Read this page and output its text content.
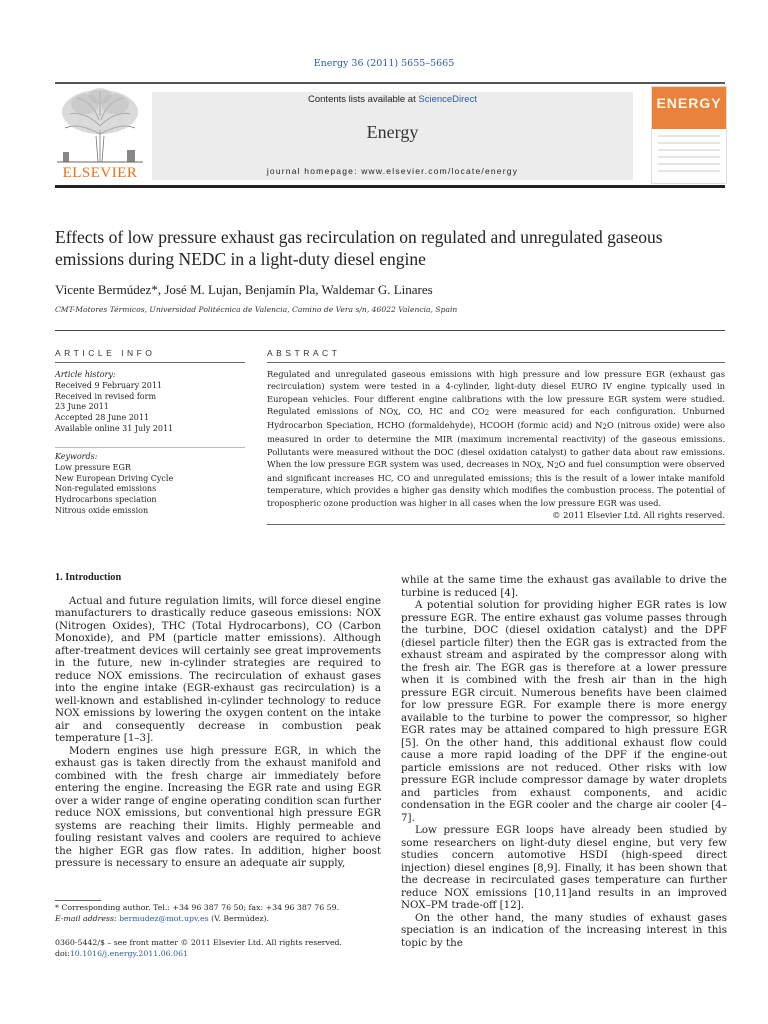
Energy 36 (2011) 5655–5665
ELSEVIER
Contents lists available at ScienceDirect
Energy
journal homepage: www.elsevier.com/locate/energy
ENERGY
Effects of low pressure exhaust gas recirculation on regulated and unregulated gaseous emissions during NEDC in a light-duty diesel engine
Vicente Bermúdez*, José M. Lujan, Benjamín Pla, Waldemar G. Linares
CMT-Motores Térmicos, Universidad Politécnica de Valencia, Camino de Vera s/n, 46022 Valencia, Spain
ARTICLE INFO
Article history:
Received 9 February 2011
Received in revised form
23 June 2011
Accepted 28 June 2011
Available online 31 July 2011
Keywords:
Low pressure EGR
New European Driving Cycle
Non-regulated emissions
Hydrocarbons speciation
Nitrous oxide emission
ABSTRACT
Regulated and unregulated gaseous emissions with high pressure and low pressure EGR (exhaust gas recirculation) system were tested in a 4-cylinder, light-duty diesel EURO IV engine typically used in European vehicles. Four different engine calibrations with the low pressure EGR system were studied. Regulated emissions of NOX, CO, HC and CO2 were measured for each configuration. Unburned Hydrocarbon Speciation, HCHO (formaldehyde), HCOOH (formic acid) and N2O (nitrous oxide) were also measured in order to determine the MIR (maximum incremental reactivity) of the gaseous emissions. Pollutants were measured without the DOC (diesel oxidation catalyst) to gather data about raw emissions. When the low pressure EGR system was used, decreases in NOX, N2O and fuel consumption were observed and significant increases HC, CO and unregulated emissions; this is the result of a lower intake manifold temperature, which provides a higher gas density which modifies the combustion process. The potential of tropospheric ozone production was higher in all cases when the low pressure EGR was used.
© 2011 Elsevier Ltd. All rights reserved.
1. Introduction

Actual and future regulation limits, will force diesel engine manufacturers to drastically reduce gaseous emissions: NOX (Nitrogen Oxides), THC (Total Hydrocarbons), CO (Carbon Monoxide), and PM (particle matter emissions). Although after-treatment devices will certainly see great improvements in the future, new in-cylinder strategies are required to reduce NOX emissions. The recirculation of exhaust gases into the engine intake (EGR-exhaust gas recirculation) is a well-known and established in-cylinder technology to reduce NOX emissions by lowering the oxygen content on the intake air and consequently decrease in combustion peak temperature [1–3].

Modern engines use high pressure EGR, in which the exhaust gas is taken directly from the exhaust manifold and combined with the fresh charge air immediately before entering the engine. Increasing the EGR rate and using EGR over a wider range of engine operating condition scan further reduce NOX emissions, but conventional high pressure EGR systems are reaching their limits. Highly permeable and fouling resistant valves and coolers are required to achieve the higher EGR gas flow rates. In addition, higher boost pressure is necessary to ensure an adequate air supply,

while at the same time the exhaust gas available to drive the turbine is reduced [4].

A potential solution for providing higher EGR rates is low pressure EGR. The entire exhaust gas volume passes through the turbine, DOC (diesel oxidation catalyst) and the DPF (diesel particle filter) then the EGR gas is extracted from the exhaust stream and aspirated by the compressor along with the fresh air. The EGR gas is therefore at a lower pressure when it is combined with the fresh air than in the high pressure EGR circuit. Numerous benefits have been claimed for low pressure EGR. For example there is more energy available to the turbine to power the compressor, so higher EGR rates may be attained compared to high pressure EGR [5]. On the other hand, this additional exhaust flow could cause a more rapid loading of the DPF if the engine-out particle emissions are not reduced. Other risks with low pressure EGR include compressor damage by water droplets and particles from exhaust components, and acidic condensation in the EGR cooler and the charge air cooler [4–7].

Low pressure EGR loops have already been studied by some researchers on light-duty diesel engine, but very few studies concern automotive HSDI (high-speed direct injection) diesel engines [8,9]. Finally, it has been shown that the decrease in recirculated gases temperature can further reduce NOX emissions [10,11]and results in an improved NOX–PM trade-off [12].

On the other hand, the many studies of exhaust gases speciation is an indication of the increasing interest in this topic by the

* Corresponding author. Tel.: +34 96 387 76 50; fax: +34 96 387 76 59.
E-mail address: bermudez@mot.upv.es (V. Bermúdez).
0360-5442/$ – see front matter © 2011 Elsevier Ltd. All rights reserved.
doi:10.1016/j.energy.2011.06.061
